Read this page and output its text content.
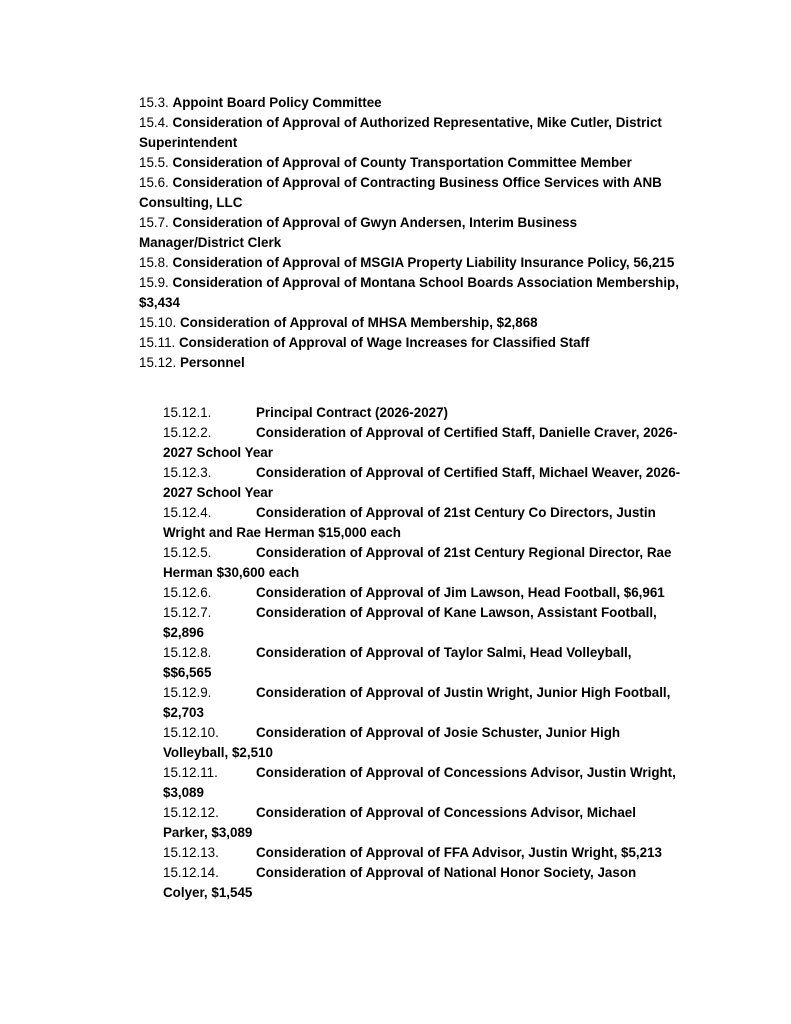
15.3. Appoint Board Policy Committee
15.4. Consideration of Approval of Authorized Representative, Mike Cutler, District Superintendent
15.5. Consideration of Approval of County Transportation Committee Member
15.6. Consideration of Approval of Contracting Business Office Services with ANB Consulting, LLC
15.7. Consideration of Approval of Gwyn Andersen, Interim Business Manager/District Clerk
15.8. Consideration of Approval of MSGIA Property Liability Insurance Policy, 56,215
15.9. Consideration of Approval of Montana School Boards Association Membership, $3,434
15.10. Consideration of Approval of MHSA Membership, $2,868
15.11. Consideration of Approval of Wage Increases for Classified Staff
15.12. Personnel
15.12.1.	Principal Contract (2026-2027)
15.12.2.	Consideration of Approval of Certified Staff, Danielle Craver, 2026-2027 School Year
15.12.3.	Consideration of Approval of Certified Staff, Michael Weaver, 2026-2027 School Year
15.12.4.	Consideration of Approval of 21st Century Co Directors, Justin Wright and Rae Herman $15,000 each
15.12.5.	Consideration of Approval of 21st Century Regional Director, Rae Herman $30,600 each
15.12.6.	Consideration of Approval of Jim Lawson, Head Football, $6,961
15.12.7.	Consideration of Approval of Kane Lawson, Assistant Football, $2,896
15.12.8.	Consideration of Approval of Taylor Salmi, Head Volleyball, $$6,565
15.12.9.	Consideration of Approval of Justin Wright, Junior High Football, $2,703
15.12.10.	Consideration of Approval of Josie Schuster, Junior High Volleyball, $2,510
15.12.11.	Consideration of Approval of Concessions Advisor, Justin Wright, $3,089
15.12.12.	Consideration of Approval of Concessions Advisor, Michael Parker, $3,089
15.12.13.	Consideration of Approval of FFA Advisor, Justin Wright, $5,213
15.12.14.	Consideration of Approval of National Honor Society, Jason Colyer, $1,545
